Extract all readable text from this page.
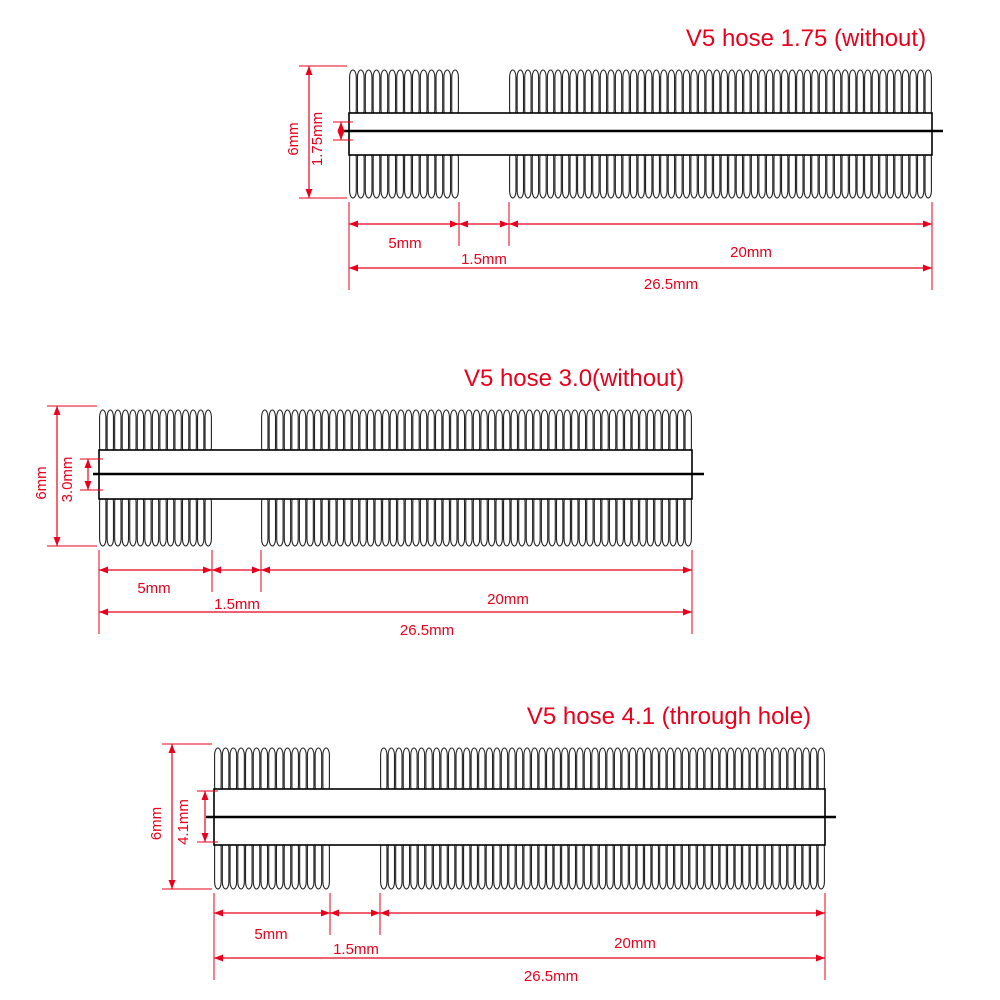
V5 hose 1.75 (without)
6mm 1.75mm
5mm
1.5mm	20mm
26.5mm
V5 hose 3.0(without)
6mm 3.0mm
5mm
1.5mm	20mm
26.5mm
V5 hose 4.1 (through hole)
6mm 4.1mm
5mm
1.5mm	20mm
26.5mm
